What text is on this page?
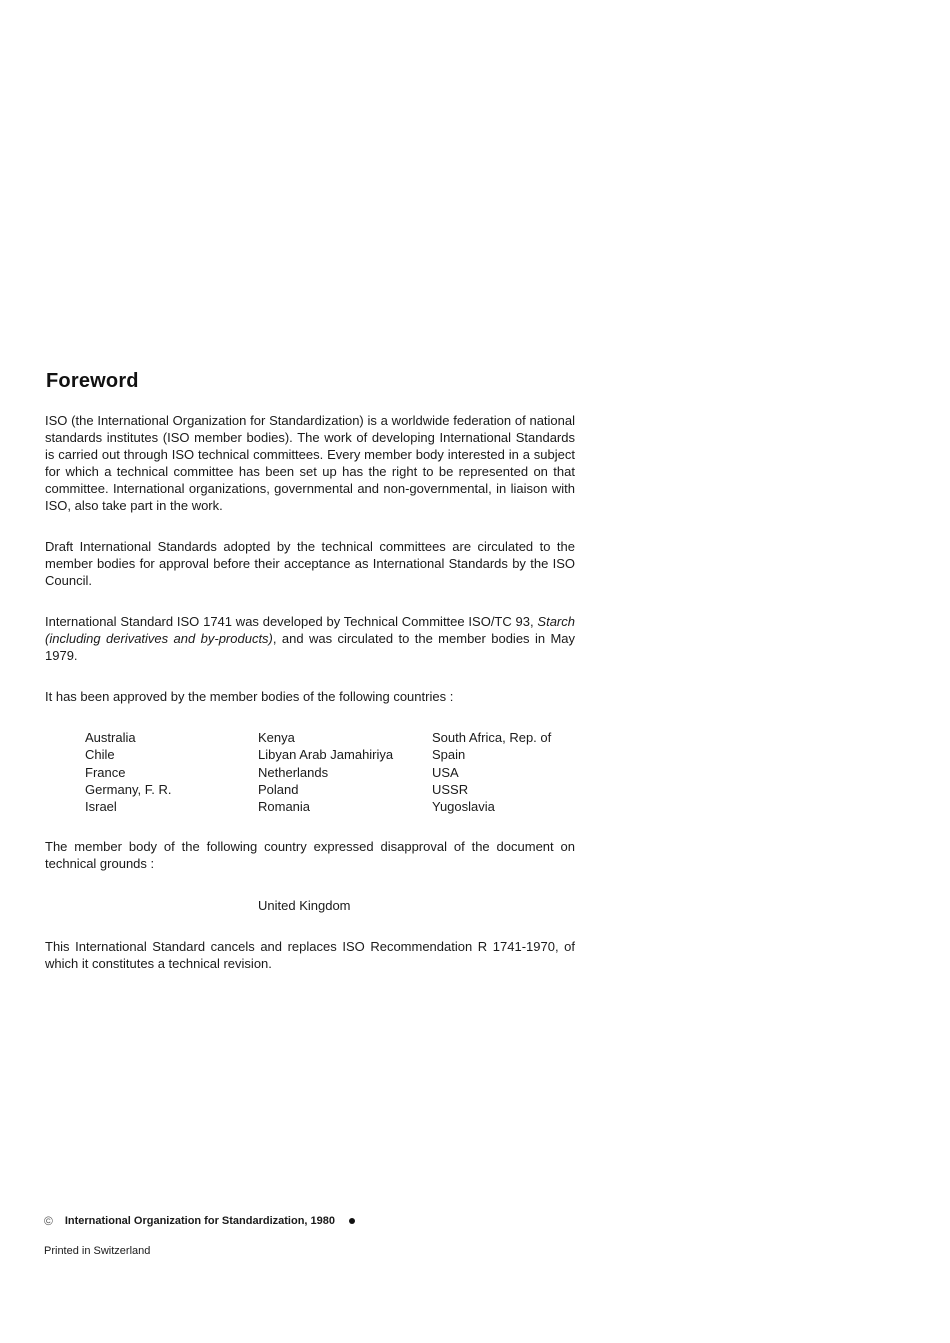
Foreword

ISO (the International Organization for Standardization) is a worldwide federation of national standards institutes (ISO member bodies). The work of developing International Standards is carried out through ISO technical committees. Every member body interested in a subject for which a technical committee has been set up has the right to be represented on that committee. International organizations, governmental and non-governmental, in liaison with ISO, also take part in the work.

Draft International Standards adopted by the technical committees are circulated to the member bodies for approval before their acceptance as International Standards by the ISO Council.

International Standard ISO 1741 was developed by Technical Committee ISO/TC 93, Starch (including derivatives and by-products), and was circulated to the member bodies in May 1979.

It has been approved by the member bodies of the following countries :

Australia
Chile
France
Germany, F. R.
Israel
Kenya
Libyan Arab Jamahiriya
Netherlands
Poland
Romania
South Africa, Rep. of
Spain
USA
USSR
Yugoslavia

The member body of the following country expressed disapproval of the document on technical grounds :

United Kingdom

This International Standard cancels and replaces ISO Recommendation R 1741-1970, of which it constitutes a technical revision.

© International Organization for Standardization, 1980
Printed in Switzerland
